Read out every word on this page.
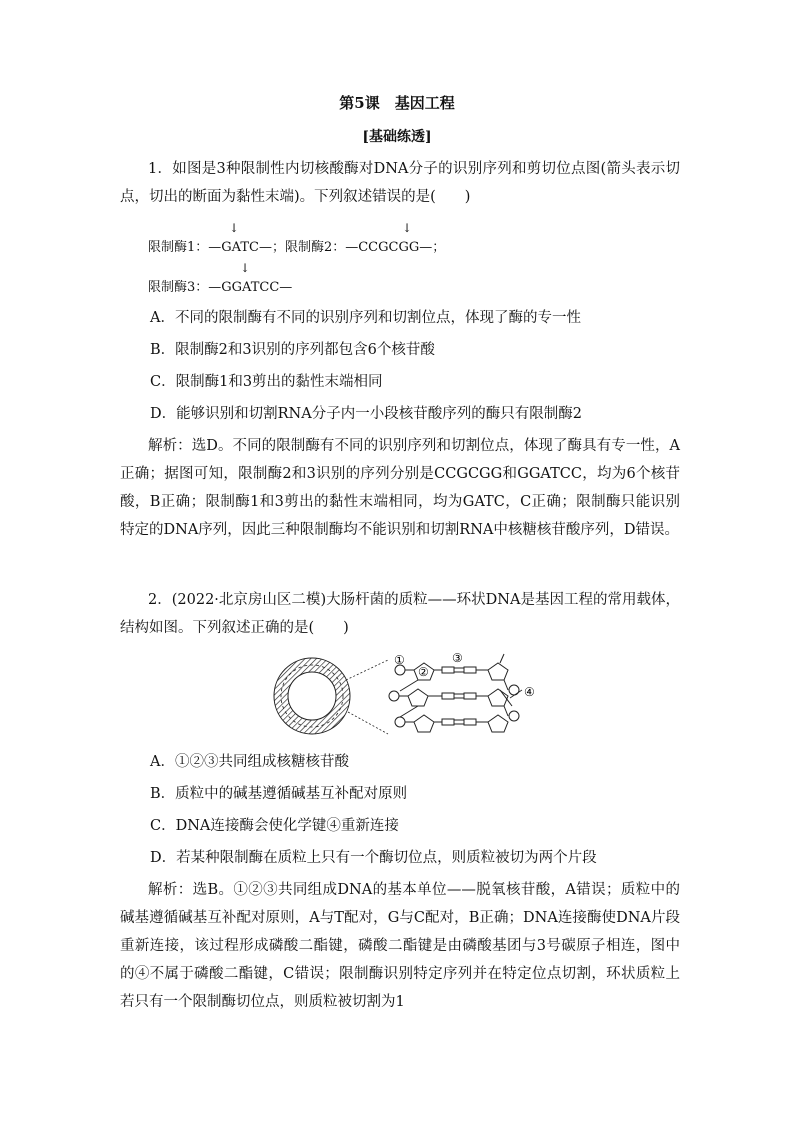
第5课　基因工程
[基础练透]

1．如图是3种限制性内切核酸酶对DNA分子的识别序列和剪切位点图(箭头表示切点，切出的断面为黏性末端)。下列叙述错误的是(　　)

↓	↓
限制酶1：—GATC—；限制酶2：—CCGCGG—；
↓
限制酶3：—GGATCC—

A．不同的限制酶有不同的识别序列和切割位点，体现了酶的专一性

B．限制酶2和3识别的序列都包含6个核苷酸

C．限制酶1和3剪出的黏性末端相同

D．能够识别和切割RNA分子内一小段核苷酸序列的酶只有限制酶2

解析：选D。不同的限制酶有不同的识别序列和切割位点，体现了酶具有专一性，A正确；据图可知，限制酶2和3识别的序列分别是CCGCGG和GGATCC，均为6个核苷酸，B正确；限制酶1和3剪出的黏性末端相同，均为GATC，C正确；限制酶只能识别特定的DNA序列，因此三种限制酶均不能识别和切割RNA中核糖核苷酸序列，D错误。

2．(2022·北京房山区二模)大肠杆菌的质粒——环状DNA是基因工程的常用载体，结构如图。下列叙述正确的是(　　)

①
②
③
④

A．①②③共同组成核糖核苷酸

B．质粒中的碱基遵循碱基互补配对原则

C．DNA连接酶会使化学键④重新连接

D．若某种限制酶在质粒上只有一个酶切位点，则质粒被切为两个片段

解析：选B。①②③共同组成DNA的基本单位——脱氧核苷酸，A错误；质粒中的碱基遵循碱基互补配对原则，A与T配对，G与C配对，B正确；DNA连接酶使DNA片段重新连接，该过程形成磷酸二酯键，磷酸二酯键是由磷酸基团与3号碳原子相连，图中的④不属于磷酸二酯键，C错误；限制酶识别特定序列并在特定位点切割，环状质粒上若只有一个限制酶切位点，则质粒被切割为1
